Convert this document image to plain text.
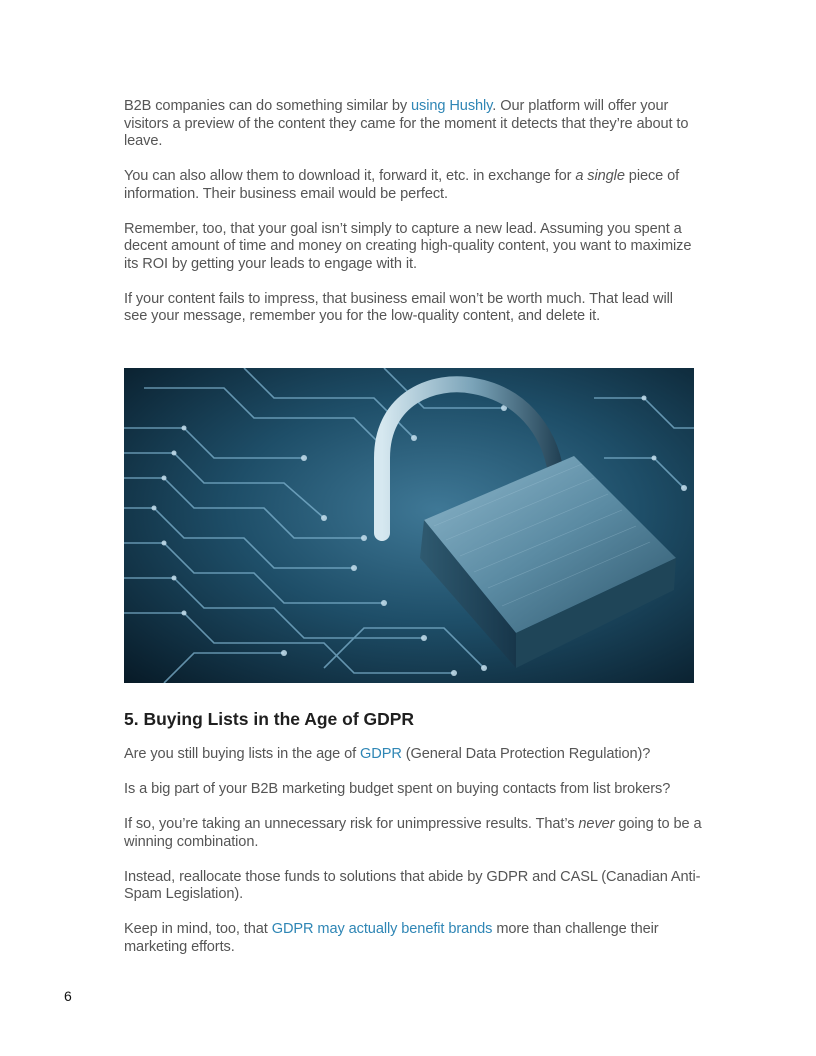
B2B companies can do something similar by using Hushly. Our platform will offer your visitors a preview of the content they came for the moment it detects that they’re about to leave.

You can also allow them to download it, forward it, etc. in exchange for a single piece of information. Their business email would be perfect.

Remember, too, that your goal isn’t simply to capture a new lead. Assuming you spent a decent amount of time and money on creating high-quality content, you want to maximize its ROI by getting your leads to engage with it.

If your content fails to impress, that business email won’t be worth much. That lead will see your message, remember you for the low-quality content, and delete it.

5. Buying Lists in the Age of GDPR

Are you still buying lists in the age of GDPR (General Data Protection Regulation)?

Is a big part of your B2B marketing budget spent on buying contacts from list brokers?

If so, you’re taking an unnecessary risk for unimpressive results. That’s never going to be a winning combination.

Instead, reallocate those funds to solutions that abide by GDPR and CASL (Canadian Anti-Spam Legislation).

Keep in mind, too, that GDPR may actually benefit brands more than challenge their marketing efforts.

6
